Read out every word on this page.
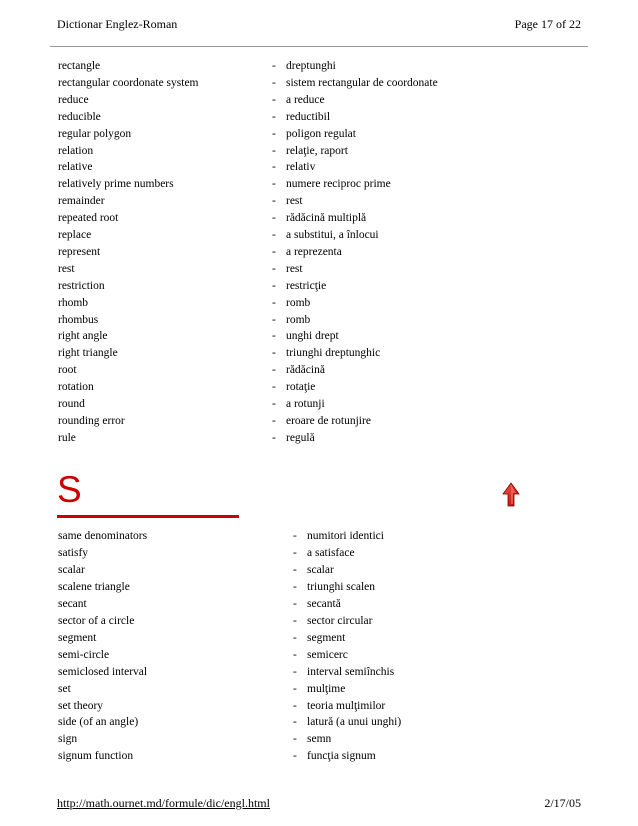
Dictionar Englez-Roman	Page 17 of 22
rectangle	- dreptunghi
rectangular coordonate system	- sistem rectangular de coordonate
reduce	- a reduce
reducible	- reductibil
regular polygon	- poligon regulat
relation	- relaţie, raport
relative	- relativ
relatively prime numbers	- numere reciproc prime
remainder	- rest
repeated root	- rădăcină multiplă
replace	- a substitui, a înlocui
represent	- a reprezenta
rest	- rest
restriction	- restricţie
rhomb	- romb
rhombus	- romb
right angle	- unghi drept
right triangle	- triunghi dreptunghic
root	- rădăcină
rotation	- rotaţie
round	- a rotunji
rounding error	- eroare de rotunjire
rule	- regulă
S
same denominators	- numitori identici
satisfy	- a satisface
scalar	- scalar
scalene triangle	- triunghi scalen
secant	- secantă
sector of a circle	- sector circular
segment	- segment
semi-circle	- semicerc
semiclosed interval	- interval semiînchis
set	- mulţime
set theory	- teoria mulţimilor
side (of an angle)	- latură (a unui unghi)
sign	- semn
signum function	- funcţia signum
http://math.ournet.md/formule/dic/engl.html	2/17/05
